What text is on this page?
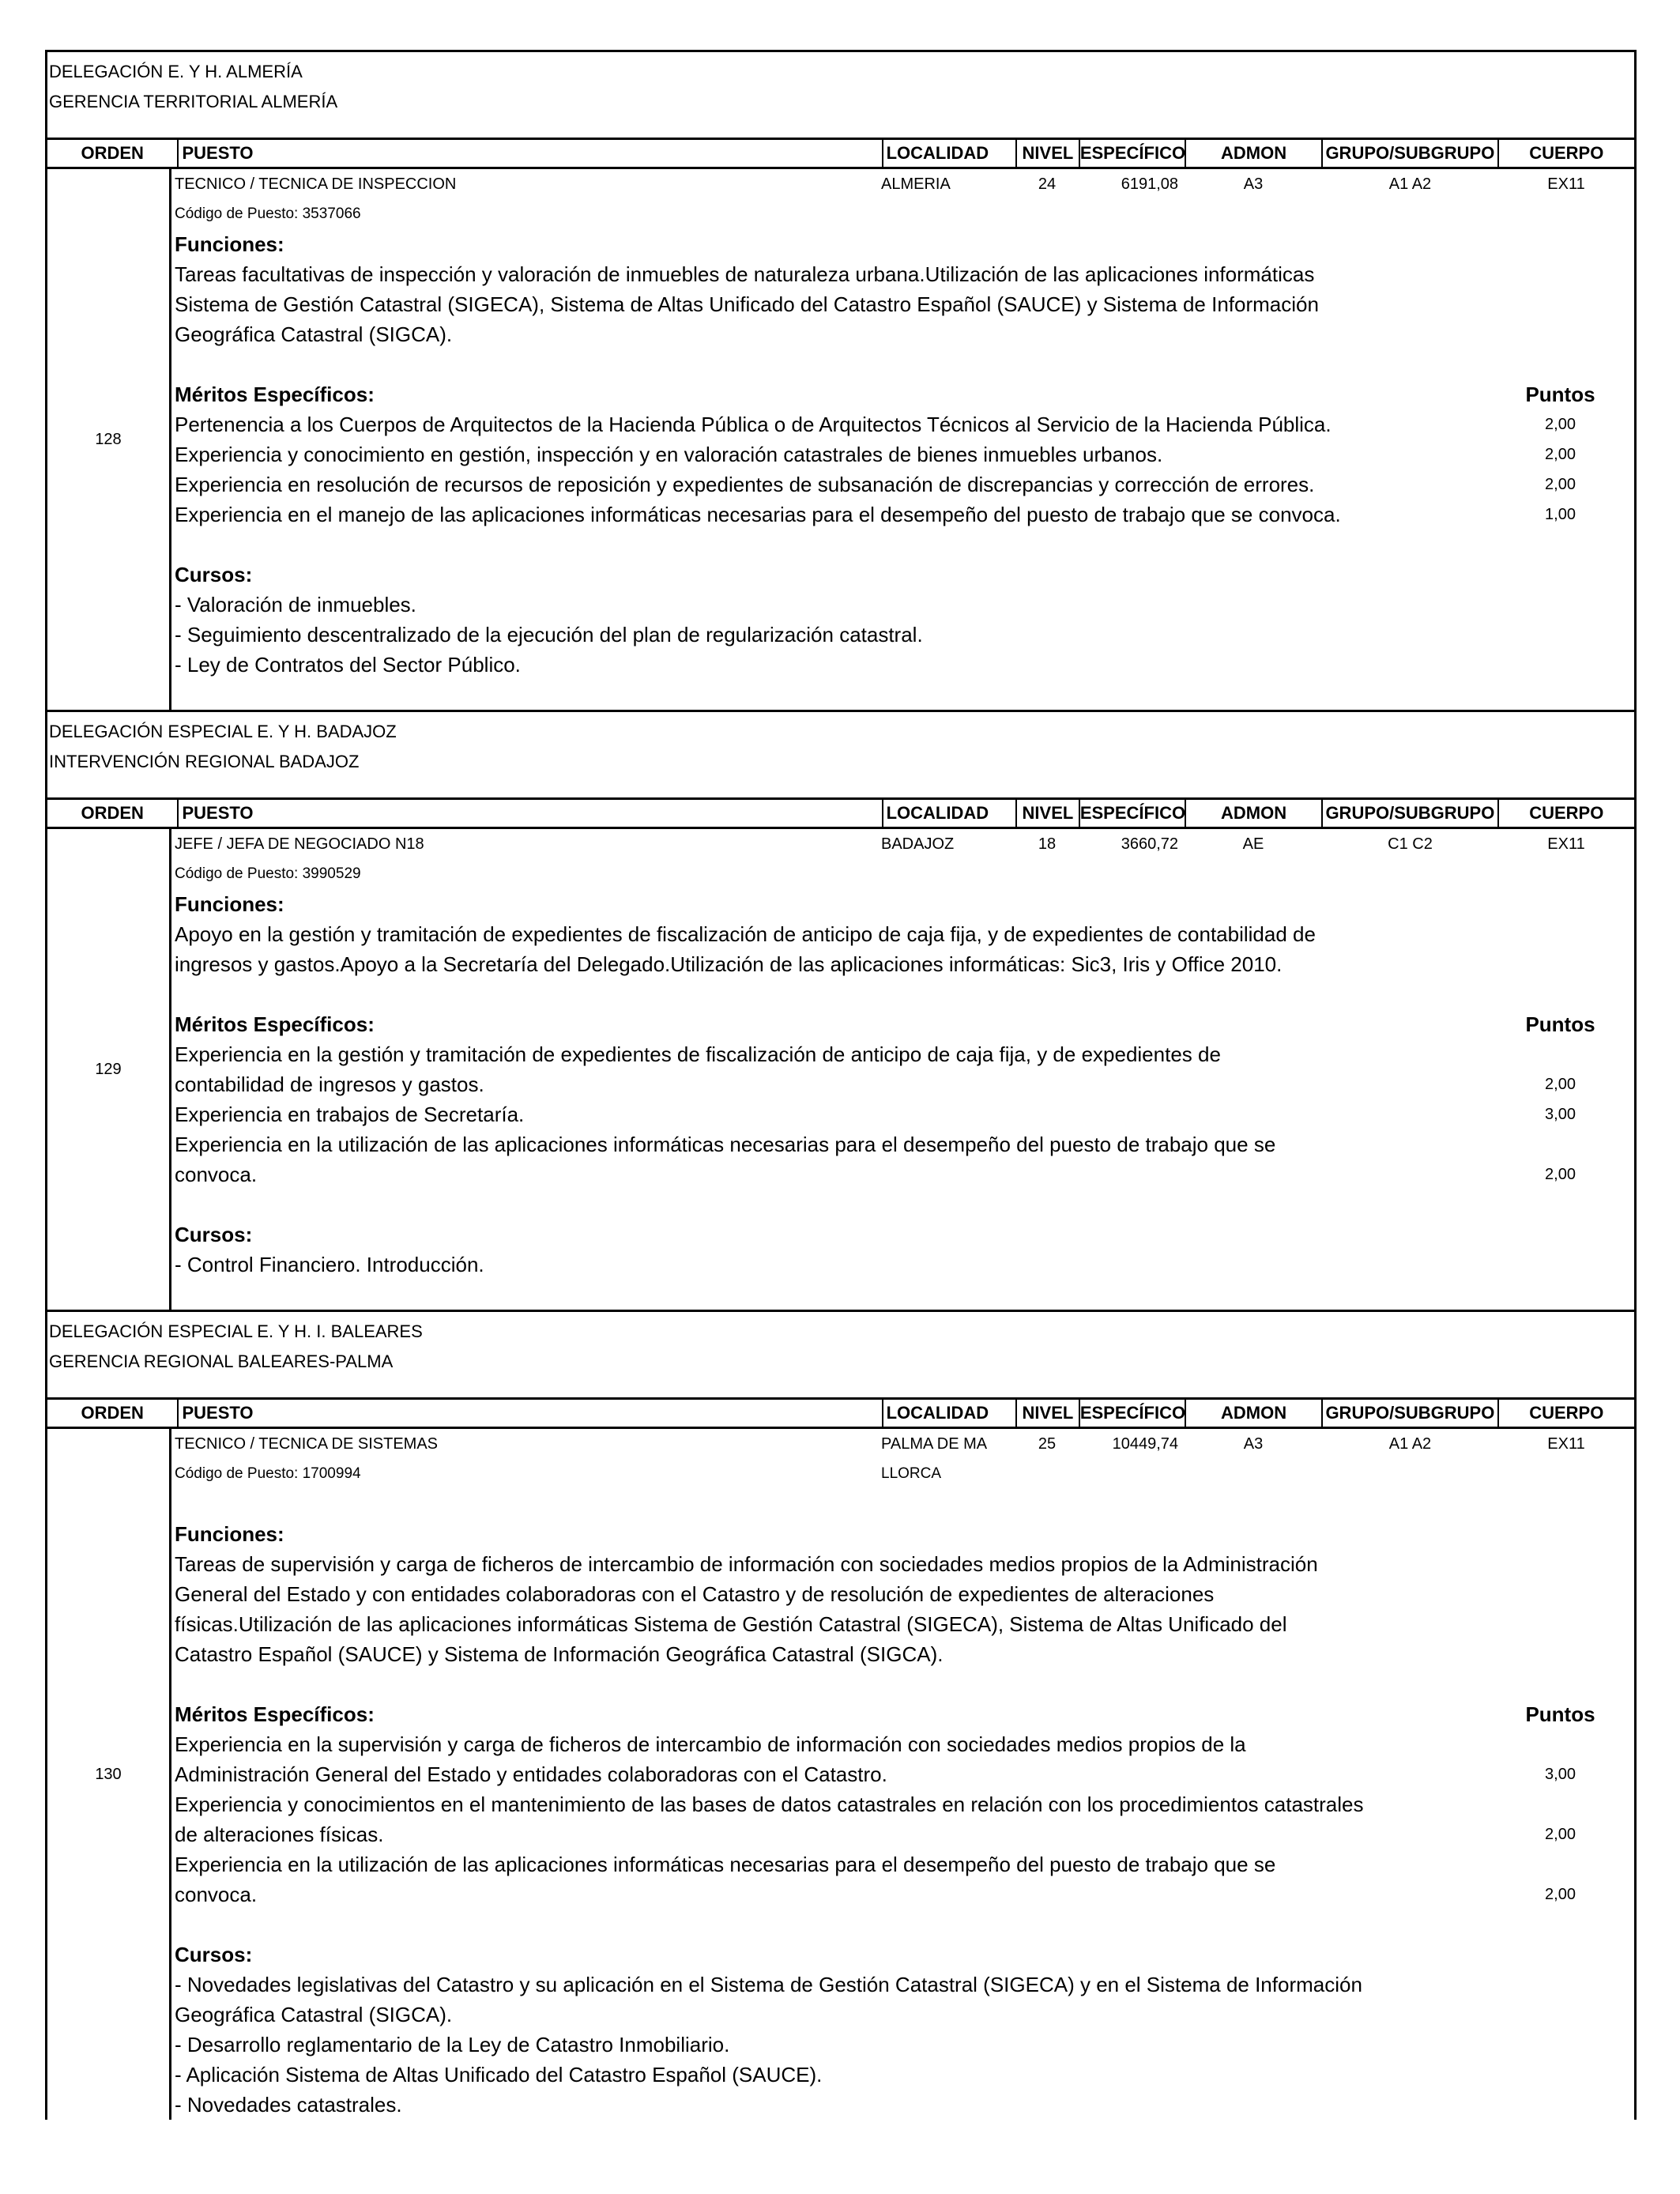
DELEGACIÓN E. Y H. ALMERÍA
GERENCIA TERRITORIAL ALMERÍA
ORDEN	PUESTO	LOCALIDAD	NIVEL ESPECÍFICO	ADMON	GRUPO/SUBGRUPO	CUERPO
128
TECNICO / TECNICA DE INSPECCION	ALMERIA	24	6191,08	A3	A1 A2	EX11
Código de Puesto: 3537066
Funciones:
Tareas facultativas de inspección y valoración de inmuebles de naturaleza urbana.Utilización de las aplicaciones informáticas
Sistema de Gestión Catastral (SIGECA), Sistema de Altas Unificado del Catastro Español (SAUCE) y Sistema de Información
Geográfica Catastral (SIGCA).
Méritos Específicos:	Puntos
Pertenencia a los Cuerpos de Arquitectos de la Hacienda Pública o de Arquitectos Técnicos al Servicio de la Hacienda Pública.	2,00
Experiencia y conocimiento en gestión, inspección y en valoración catastrales de bienes inmuebles urbanos.	2,00
Experiencia en resolución de recursos de reposición y expedientes de subsanación de discrepancias y corrección de errores.	2,00
Experiencia en el manejo de las aplicaciones informáticas necesarias para el desempeño del puesto de trabajo que se convoca.	1,00
Cursos:
- Valoración de inmuebles.
- Seguimiento descentralizado de la ejecución del plan de regularización catastral.
- Ley de Contratos del Sector Público.
DELEGACIÓN ESPECIAL E. Y H. BADAJOZ
INTERVENCIÓN REGIONAL BADAJOZ
ORDEN	PUESTO	LOCALIDAD	NIVEL ESPECÍFICO	ADMON	GRUPO/SUBGRUPO	CUERPO
129
JEFE / JEFA DE NEGOCIADO N18	BADAJOZ	18	3660,72	AE	C1 C2	EX11
Código de Puesto: 3990529
Funciones:
Apoyo en la gestión y tramitación de expedientes de fiscalización de anticipo de caja fija, y de expedientes de contabilidad de
ingresos y gastos.Apoyo a la Secretaría del Delegado.Utilización de las aplicaciones informáticas: Sic3, Iris y Office 2010.
Méritos Específicos:	Puntos
Experiencia en la gestión y tramitación de expedientes de fiscalización de anticipo de caja fija, y de expedientes de
contabilidad de ingresos y gastos.	2,00
Experiencia en trabajos de Secretaría.	3,00
Experiencia en la utilización de las aplicaciones informáticas necesarias para el desempeño del puesto de trabajo que se
convoca.	2,00
Cursos:
- Control Financiero. Introducción.
DELEGACIÓN ESPECIAL E. Y H. I. BALEARES
GERENCIA REGIONAL BALEARES-PALMA
ORDEN	PUESTO	LOCALIDAD	NIVEL ESPECÍFICO	ADMON	GRUPO/SUBGRUPO	CUERPO
130
TECNICO / TECNICA DE SISTEMAS	PALMA DE MA	25	10449,74	A3	A1 A2	EX11
Código de Puesto: 1700994	LLORCA
Funciones:
Tareas de supervisión y carga de ficheros de intercambio de información con sociedades medios propios de la Administración
General del Estado y con entidades colaboradoras con el Catastro y de resolución de expedientes de alteraciones
físicas.Utilización de las aplicaciones informáticas Sistema de Gestión Catastral (SIGECA), Sistema de Altas Unificado del
Catastro Español (SAUCE) y Sistema de Información Geográfica Catastral (SIGCA).
Méritos Específicos:	Puntos
Experiencia en la supervisión y carga de ficheros de intercambio de información con sociedades medios propios de la
Administración General del Estado y entidades colaboradoras con el Catastro.	3,00
Experiencia y conocimientos en el mantenimiento de las bases de datos catastrales en relación con los procedimientos catastrales
de alteraciones físicas.	2,00
Experiencia en la utilización de las aplicaciones informáticas necesarias para el desempeño del puesto de trabajo que se
convoca.	2,00
Cursos:
- Novedades legislativas del Catastro y su aplicación en el Sistema de Gestión Catastral (SIGECA) y en el Sistema de Información
Geográfica Catastral (SIGCA).
- Desarrollo reglamentario de la Ley de Catastro Inmobiliario.
- Aplicación Sistema de Altas Unificado del Catastro Español (SAUCE).
- Novedades catastrales.
